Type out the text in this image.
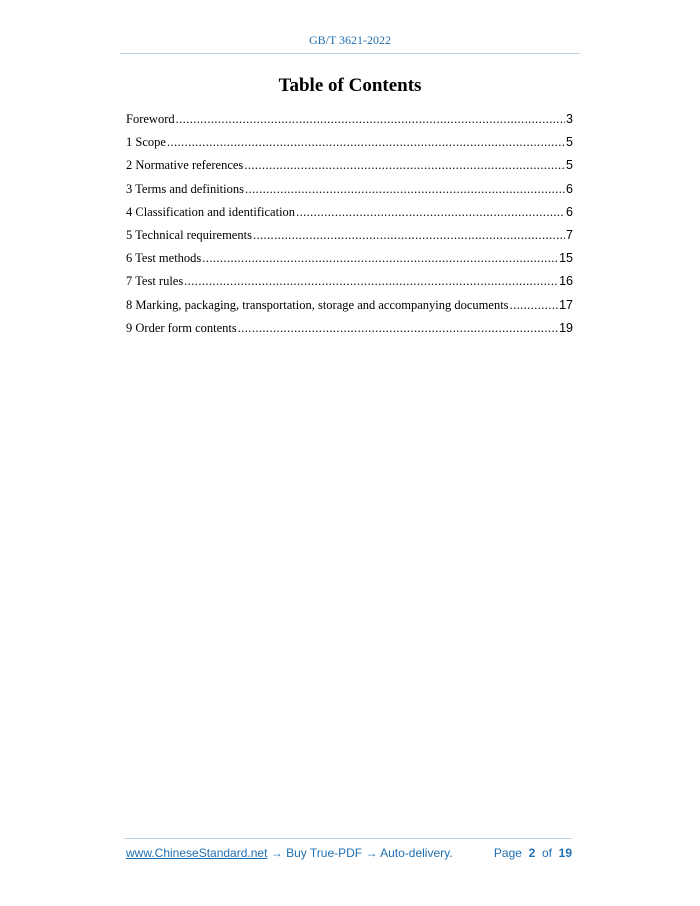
GB/T 3621-2022
Table of Contents
Foreword .....	3
1 Scope .....	5
2 Normative references .....	5
3 Terms and definitions .....	6
4 Classification and identification .....	6
5 Technical requirements .....	7
6 Test methods .....	15
7 Test rules .....	16
8 Marking, packaging, transportation, storage and accompanying documents .....	17
9 Order form contents .....	19
www.ChineseStandard.net → Buy True-PDF → Auto-delivery.	Page 2 of 19
